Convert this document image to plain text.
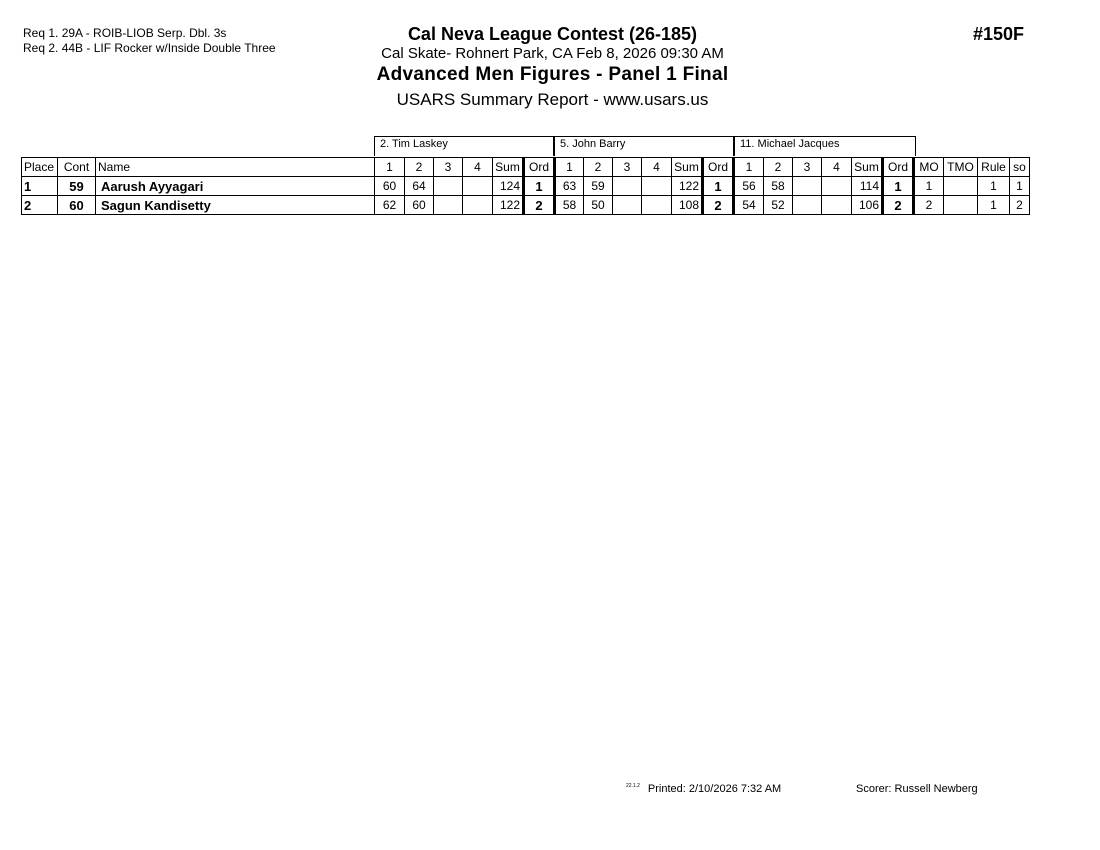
Req 1. 29A - ROIB-LIOB Serp. Dbl. 3s
Req 2. 44B - LIF Rocker w/Inside Double Three
Cal Neva League Contest (26-185)
Cal Skate- Rohnert Park, CA Feb 8, 2026 09:30 AM
Advanced Men Figures - Panel 1 Final
USARS Summary Report - www.usars.us
#150F
2. Tim Laskey	5. John Barry	11. Michael Jacques
Place	Cont	Name	1	2	3	4	Sum	Ord	1	2	3	4	Sum	Ord	1	2	3	4	Sum	Ord	MO	TMO	Rule	so
1	59	Aarush Ayyagari	60	64			124	1	63	59			122	1	56	58			114	1	1		1	1
2	60	Sagun Kandisetty	62	60			122	2	58	50			108	2	54	52			106	2	2		1	2
$^{22.1.2}$ Printed: 2/10/2026 7:32 AM	Scorer: Russell Newberg
